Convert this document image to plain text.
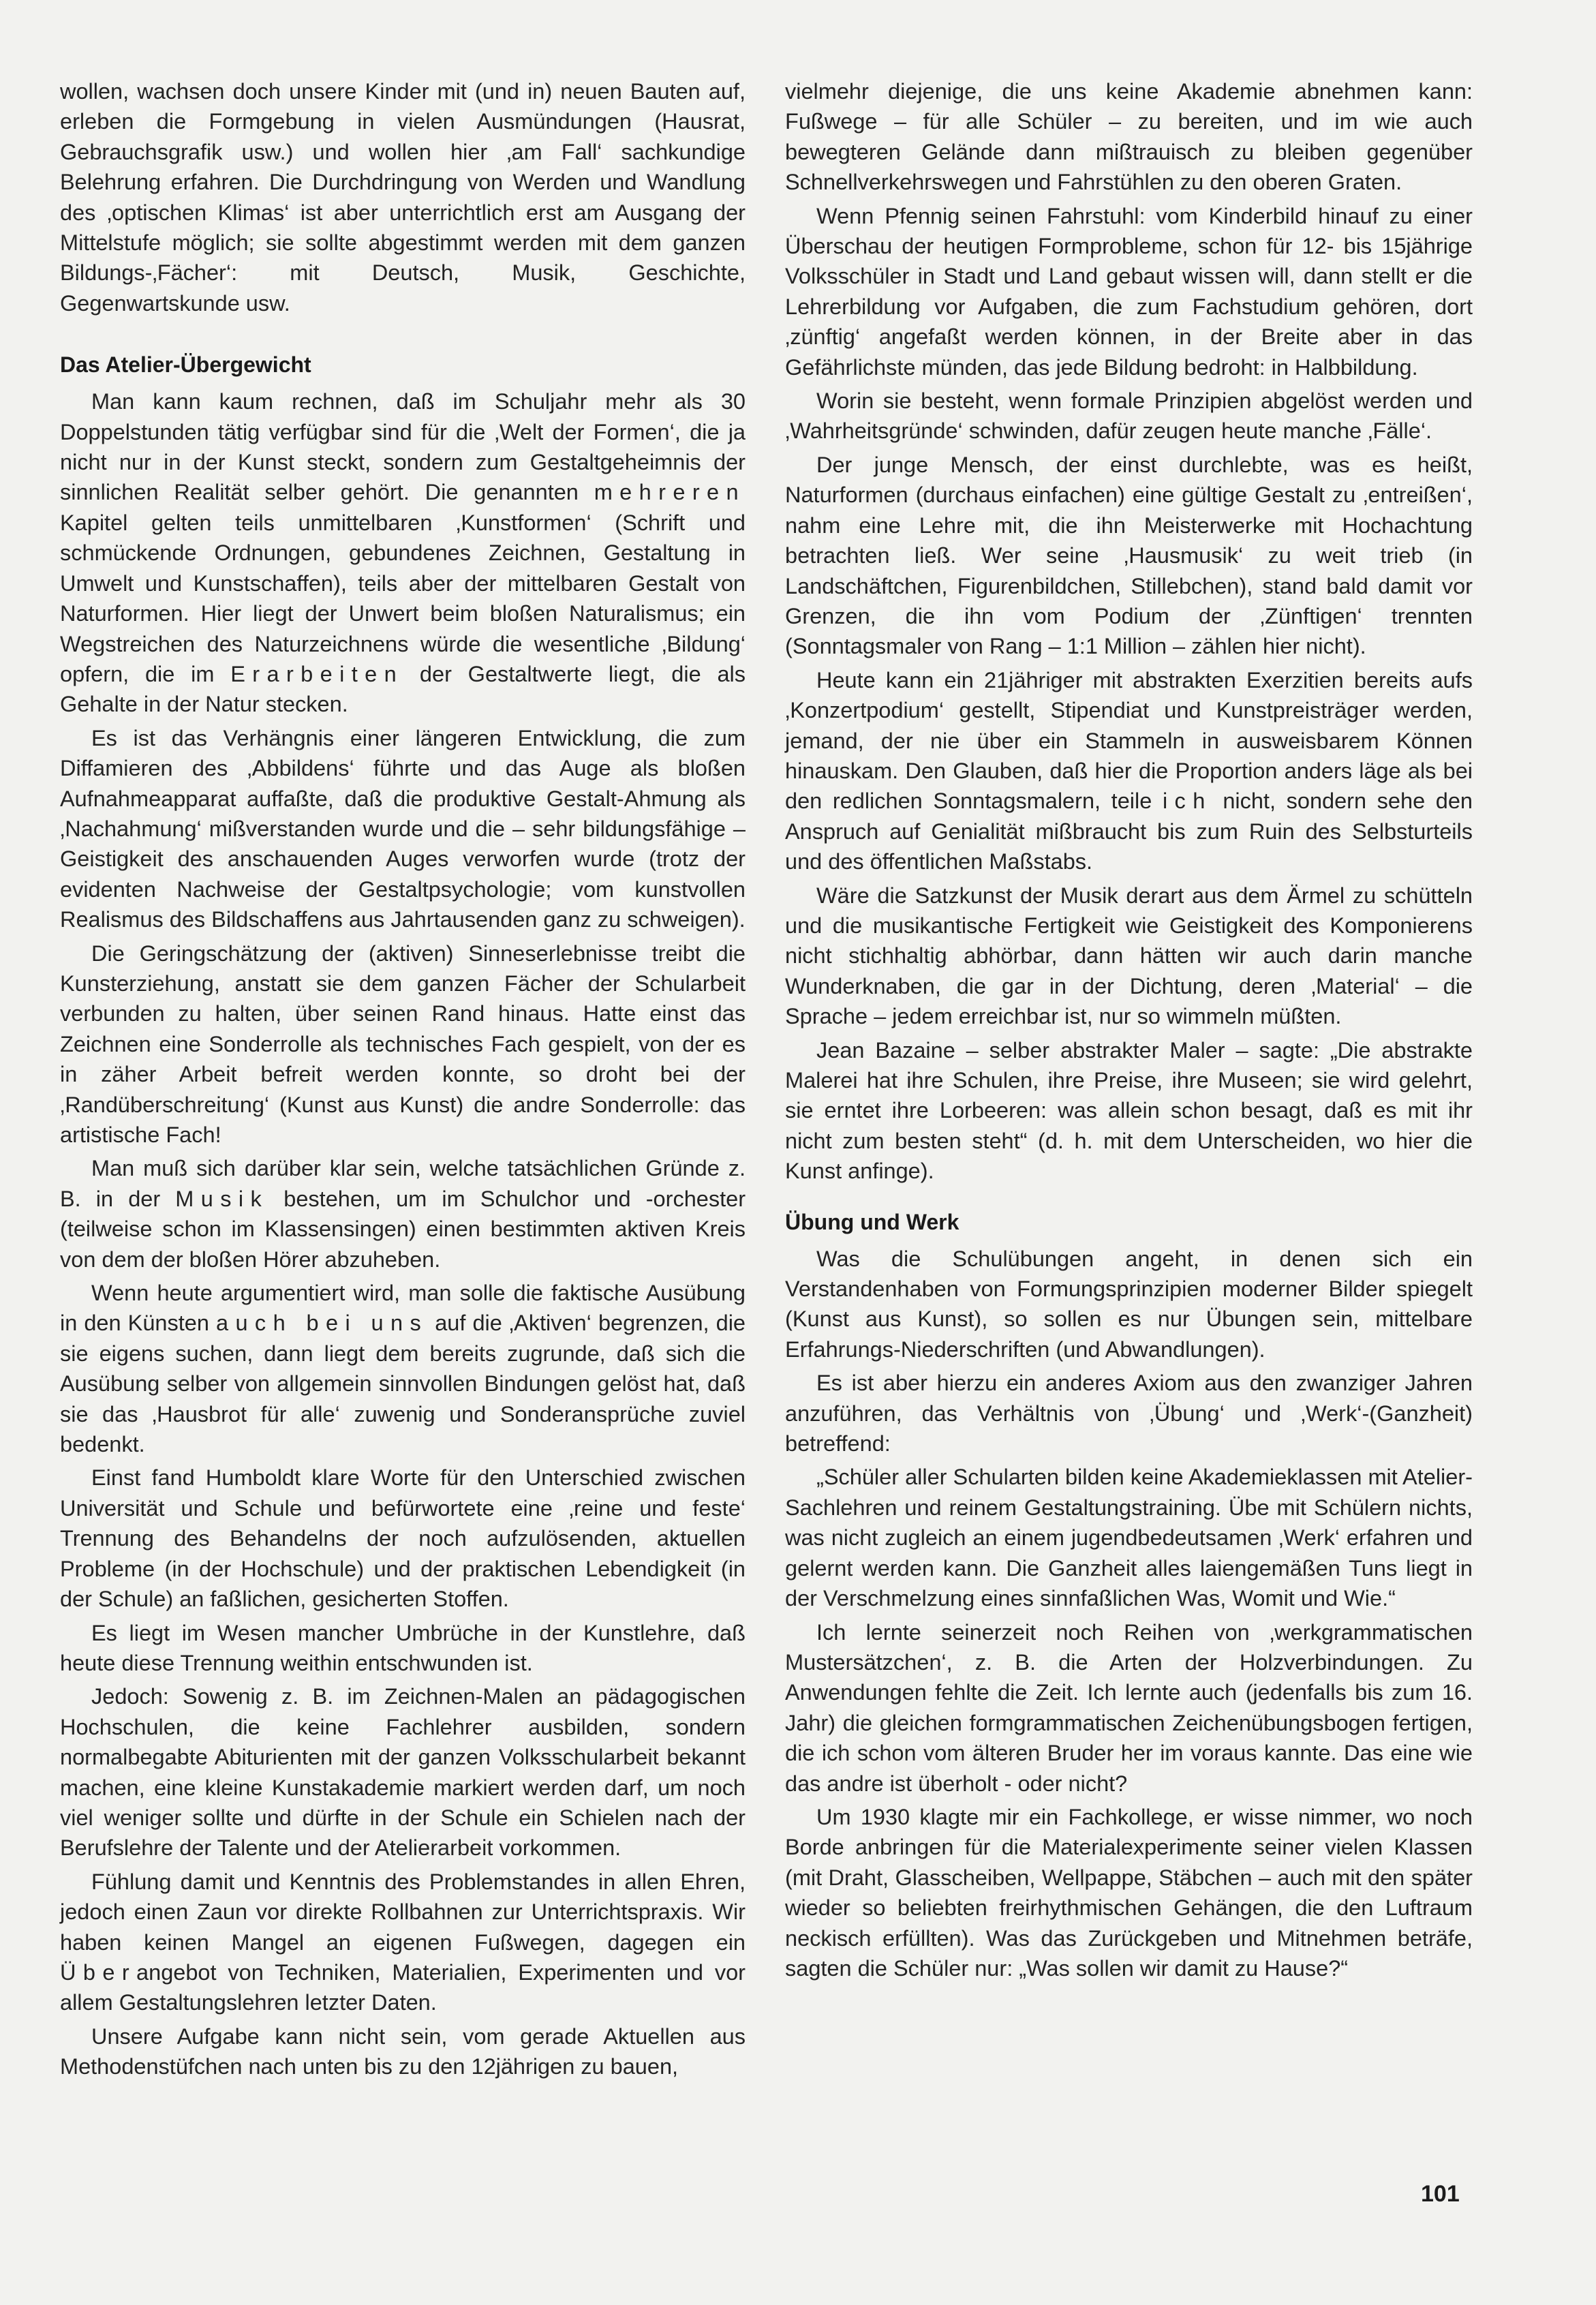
wollen, wachsen doch unsere Kinder mit (und in) neuen Bauten auf, erleben die Formgebung in vielen Ausmündungen (Hausrat, Gebrauchsgrafik usw.) und wollen hier ‚am Fall‘ sachkundige Belehrung erfahren. Die Durchdringung von Werden und Wandlung des ‚optischen Klimas‘ ist aber unterrichtlich erst am Ausgang der Mittelstufe möglich; sie sollte abgestimmt werden mit dem ganzen Bildungs-‚Fächer‘: mit Deutsch, Musik, Geschichte, Gegenwartskunde usw.

Das Atelier-Übergewicht

Man kann kaum rechnen, daß im Schuljahr mehr als 30 Doppelstunden tätig verfügbar sind für die ‚Welt der Formen‘, die ja nicht nur in der Kunst steckt, sondern zum Gestaltgeheimnis der sinnlichen Realität selber gehört. Die genannten mehreren Kapitel gelten teils unmittelbaren ‚Kunstformen‘ (Schrift und schmückende Ordnungen, gebundenes Zeichnen, Gestaltung in Umwelt und Kunstschaffen), teils aber der mittelbaren Gestalt von Naturformen. Hier liegt der Unwert beim bloßen Naturalismus; ein Wegstreichen des Naturzeichnens würde die wesentliche ‚Bildung‘ opfern, die im Erarbeiten der Gestaltwerte liegt, die als Gehalte in der Natur stecken.

Es ist das Verhängnis einer längeren Entwicklung, die zum Diffamieren des ‚Abbildens‘ führte und das Auge als bloßen Aufnahmeapparat auffaßte, daß die produktive Gestalt-Ahmung als ‚Nachahmung‘ mißverstanden wurde und die – sehr bildungsfähige – Geistigkeit des anschauenden Auges verworfen wurde (trotz der evidenten Nachweise der Gestaltpsychologie; vom kunstvollen Realismus des Bildschaffens aus Jahrtausenden ganz zu schweigen).

Die Geringschätzung der (aktiven) Sinneserlebnisse treibt die Kunsterziehung, anstatt sie dem ganzen Fächer der Schularbeit verbunden zu halten, über seinen Rand hinaus. Hatte einst das Zeichnen eine Sonderrolle als technisches Fach gespielt, von der es in zäher Arbeit befreit werden konnte, so droht bei der ‚Randüberschreitung‘ (Kunst aus Kunst) die andre Sonderrolle: das artistische Fach!

Man muß sich darüber klar sein, welche tatsächlichen Gründe z. B. in der Musik bestehen, um im Schulchor und -orchester (teilweise schon im Klassensingen) einen bestimmten aktiven Kreis von dem der bloßen Hörer abzuheben.

Wenn heute argumentiert wird, man solle die faktische Ausübung in den Künsten auch bei uns auf die ‚Aktiven‘ begrenzen, die sie eigens suchen, dann liegt dem bereits zugrunde, daß sich die Ausübung selber von allgemein sinnvollen Bindungen gelöst hat, daß sie das ‚Hausbrot für alle‘ zuwenig und Sonderansprüche zuviel bedenkt.

Einst fand Humboldt klare Worte für den Unterschied zwischen Universität und Schule und befürwortete eine ‚reine und feste‘ Trennung des Behandelns der noch aufzulösenden, aktuellen Probleme (in der Hochschule) und der praktischen Lebendigkeit (in der Schule) an faßlichen, gesicherten Stoffen.

Es liegt im Wesen mancher Umbrüche in der Kunstlehre, daß heute diese Trennung weithin entschwunden ist.

Jedoch: Sowenig z. B. im Zeichnen-Malen an pädagogischen Hochschulen, die keine Fachlehrer ausbilden, sondern normalbegabte Abiturienten mit der ganzen Volksschularbeit bekannt machen, eine kleine Kunstakademie markiert werden darf, um noch viel weniger sollte und dürfte in der Schule ein Schielen nach der Berufslehre der Talente und der Atelierarbeit vorkommen.

Fühlung damit und Kenntnis des Problemstandes in allen Ehren, jedoch einen Zaun vor direkte Rollbahnen zur Unterrichtspraxis. Wir haben keinen Mangel an eigenen Fußwegen, dagegen ein Überangebot von Techniken, Materialien, Experimenten und vor allem Gestaltungslehren letzter Daten.

Unsere Aufgabe kann nicht sein, vom gerade Aktuellen aus Methodenstüfchen nach unten bis zu den 12jährigen zu bauen,

vielmehr diejenige, die uns keine Akademie abnehmen kann: Fußwege – für alle Schüler – zu bereiten, und im wie auch bewegteren Gelände dann mißtrauisch zu bleiben gegenüber Schnellverkehrswegen und Fahrstühlen zu den oberen Graten.

Wenn Pfennig seinen Fahrstuhl: vom Kinderbild hinauf zu einer Überschau der heutigen Formprobleme, schon für 12- bis 15jährige Volksschüler in Stadt und Land gebaut wissen will, dann stellt er die Lehrerbildung vor Aufgaben, die zum Fachstudium gehören, dort ‚zünftig‘ angefaßt werden können, in der Breite aber in das Gefährlichste münden, das jede Bildung bedroht: in Halbbildung.

Worin sie besteht, wenn formale Prinzipien abgelöst werden und ‚Wahrheitsgründe‘ schwinden, dafür zeugen heute manche ‚Fälle‘.

Der junge Mensch, der einst durchlebte, was es heißt, Naturformen (durchaus einfachen) eine gültige Gestalt zu ‚entreißen‘, nahm eine Lehre mit, die ihn Meisterwerke mit Hochachtung betrachten ließ. Wer seine ‚Hausmusik‘ zu weit trieb (in Landschäftchen, Figurenbildchen, Stillebchen), stand bald damit vor Grenzen, die ihn vom Podium der ‚Zünftigen‘ trennten (Sonntagsmaler von Rang – 1:1 Million – zählen hier nicht).

Heute kann ein 21jähriger mit abstrakten Exerzitien bereits aufs ‚Konzertpodium‘ gestellt, Stipendiat und Kunstpreisträger werden, jemand, der nie über ein Stammeln in ausweisbarem Können hinauskam. Den Glauben, daß hier die Proportion anders läge als bei den redlichen Sonntagsmalern, teile ich nicht, sondern sehe den Anspruch auf Genialität mißbraucht bis zum Ruin des Selbsturteils und des öffentlichen Maßstabs.

Wäre die Satzkunst der Musik derart aus dem Ärmel zu schütteln und die musikantische Fertigkeit wie Geistigkeit des Komponierens nicht stichhaltig abhörbar, dann hätten wir auch darin manche Wunderknaben, die gar in der Dichtung, deren ‚Material‘ – die Sprache – jedem erreichbar ist, nur so wimmeln müßten.

Jean Bazaine – selber abstrakter Maler – sagte: „Die abstrakte Malerei hat ihre Schulen, ihre Preise, ihre Museen; sie wird gelehrt, sie erntet ihre Lorbeeren: was allein schon besagt, daß es mit ihr nicht zum besten steht“ (d. h. mit dem Unterscheiden, wo hier die Kunst anfinge).

Übung und Werk

Was die Schulübungen angeht, in denen sich ein Verstandenhaben von Formungsprinzipien moderner Bilder spiegelt (Kunst aus Kunst), so sollen es nur Übungen sein, mittelbare Erfahrungs-Niederschriften (und Abwandlungen).

Es ist aber hierzu ein anderes Axiom aus den zwanziger Jahren anzuführen, das Verhältnis von ‚Übung‘ und ‚Werk‘-(Ganzheit) betreffend:

„Schüler aller Schularten bilden keine Akademieklassen mit Atelier-Sachlehren und reinem Gestaltungstraining. Übe mit Schülern nichts, was nicht zugleich an einem jugendbedeutsamen ‚Werk‘ erfahren und gelernt werden kann. Die Ganzheit alles laiengemäßen Tuns liegt in der Verschmelzung eines sinnfaßlichen Was, Womit und Wie.“

Ich lernte seinerzeit noch Reihen von ‚werkgrammatischen Mustersätzchen‘, z. B. die Arten der Holzverbindungen. Zu Anwendungen fehlte die Zeit. Ich lernte auch (jedenfalls bis zum 16. Jahr) die gleichen formgrammatischen Zeichenübungsbogen fertigen, die ich schon vom älteren Bruder her im voraus kannte. Das eine wie das andre ist überholt - oder nicht?

Um 1930 klagte mir ein Fachkollege, er wisse nimmer, wo noch Borde anbringen für die Materialexperimente seiner vielen Klassen (mit Draht, Glasscheiben, Wellpappe, Stäbchen – auch mit den später wieder so beliebten freirhythmischen Gehängen, die den Luftraum neckisch erfüllten). Was das Zurückgeben und Mitnehmen beträfe, sagten die Schüler nur: „Was sollen wir damit zu Hause?“

101
